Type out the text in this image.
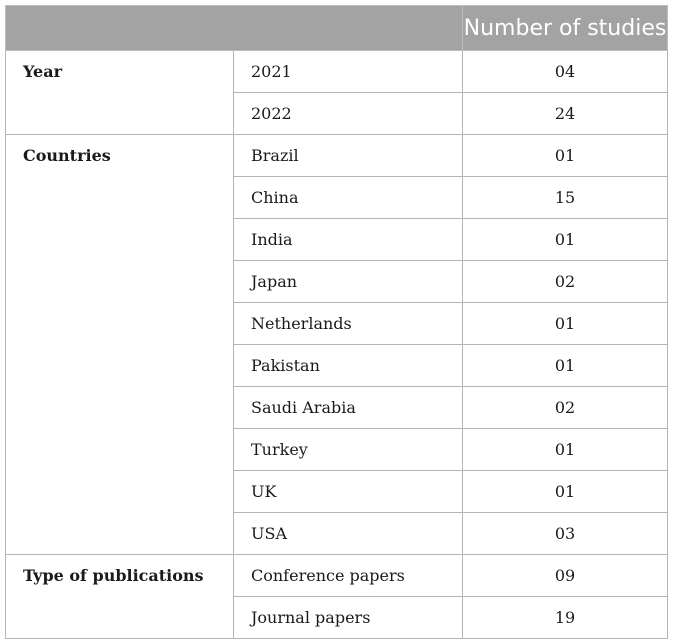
		Number of studies
Year	2021	04
	2022	24
Countries	Brazil	01
	China	15
	India	01
	Japan	02
	Netherlands	01
	Pakistan	01
	Saudi Arabia	02
	Turkey	01
	UK	01
	USA	03
Type of publications	Conference papers	09
	Journal papers	19
